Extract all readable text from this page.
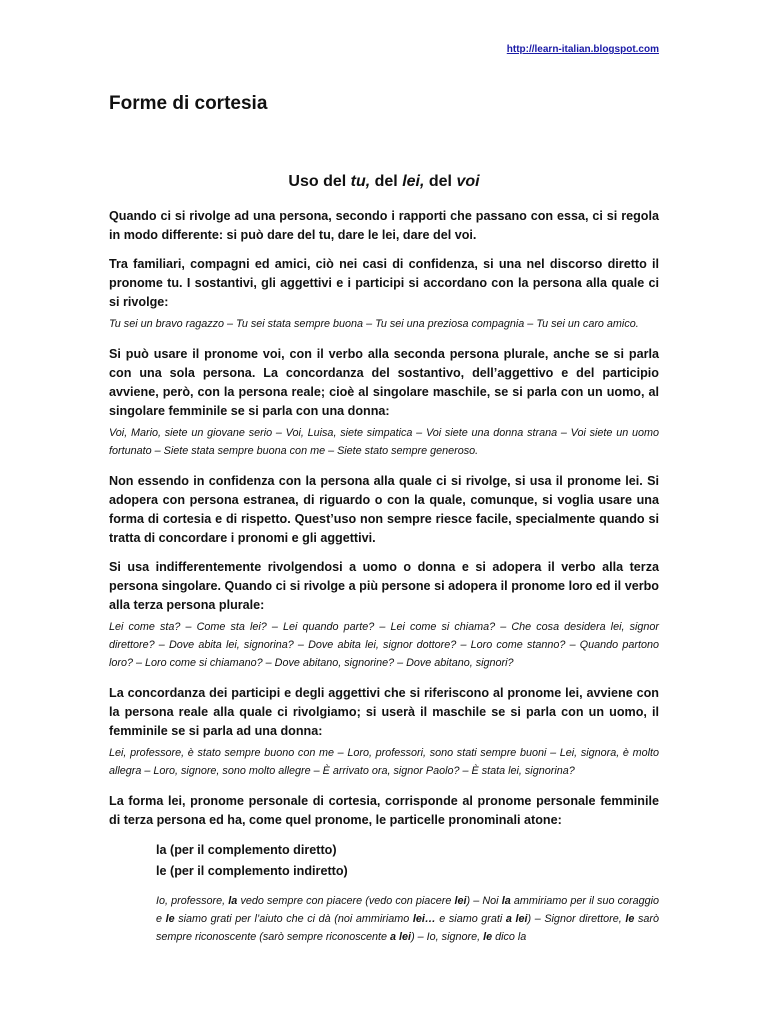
http://learn-italian.blogspot.com
Forme di cortesia
Uso del tu, del lei, del voi

Quando ci si rivolge ad una persona, secondo i rapporti che passano con essa, ci si regola in modo differente: si può dare del tu, dare le lei, dare del voi.

Tra familiari, compagni ed amici, ciò nei casi di confidenza, si una nel discorso diretto il pronome tu. I sostantivi, gli aggettivi e i participi si accordano con la persona alla quale ci si rivolge:

Tu sei un bravo ragazzo – Tu sei stata sempre buona – Tu sei una preziosa compagnia – Tu sei un caro amico.

Si può usare il pronome voi, con il verbo alla seconda persona plurale, anche se si parla con una sola persona. La concordanza del sostantivo, dell’aggettivo e del participio avviene, però, con la persona reale; cioè al singolare maschile, se si parla con un uomo, al singolare femminile se si parla con una donna:

Voi, Mario, siete un giovane serio – Voi, Luisa, siete simpatica – Voi siete una donna strana – Voi siete un uomo fortunato – Siete stata sempre buona con me – Siete stato sempre generoso.

Non essendo in confidenza con la persona alla quale ci si rivolge, si usa il pronome lei. Si adopera con persona estranea, di riguardo o con la quale, comunque, si voglia usare una forma di cortesia e di rispetto. Quest’uso non sempre riesce facile, specialmente quando si tratta di concordare i pronomi e gli aggettivi.

Si usa indifferentemente rivolgendosi a uomo o donna e si adopera il verbo alla terza persona singolare. Quando ci si rivolge a più persone si adopera il pronome loro ed il verbo alla terza persona plurale:

Lei come sta? – Come sta lei? – Lei quando parte? – Lei come si chiama? – Che cosa desidera lei, signor direttore? – Dove abita lei, signorina? – Dove abita lei, signor dottore? – Loro come stanno? – Quando partono loro? – Loro come si chiamano? – Dove abitano, signorine? – Dove abitano, signori?

La concordanza dei participi e degli aggettivi che si riferiscono al pronome lei, avviene con la persona reale alla quale ci rivolgiamo; si userà il maschile se si parla con un uomo, il femminile se si parla ad una donna:

Lei, professore, è stato sempre buono con me – Loro, professori, sono stati sempre buoni – Lei, signora, è molto allegra – Loro, signore, sono molto allegre – È arrivato ora, signor Paolo? – È stata lei, signorina?

La forma lei, pronome personale di cortesia, corrisponde al pronome personale femminile di terza persona ed ha, come quel pronome, le particelle pronominali atone:

la (per il complemento diretto)
le (per il complemento indiretto)

Io, professore, la vedo sempre con piacere (vedo con piacere lei) – Noi la ammiriamo per il suo coraggio e le siamo grati per l’aiuto che ci dà (noi ammiriamo lei… e siamo grati a lei) – Signor direttore, le sarò sempre riconoscente (sarò sempre riconoscente a lei) – Io, signore, le dico la
